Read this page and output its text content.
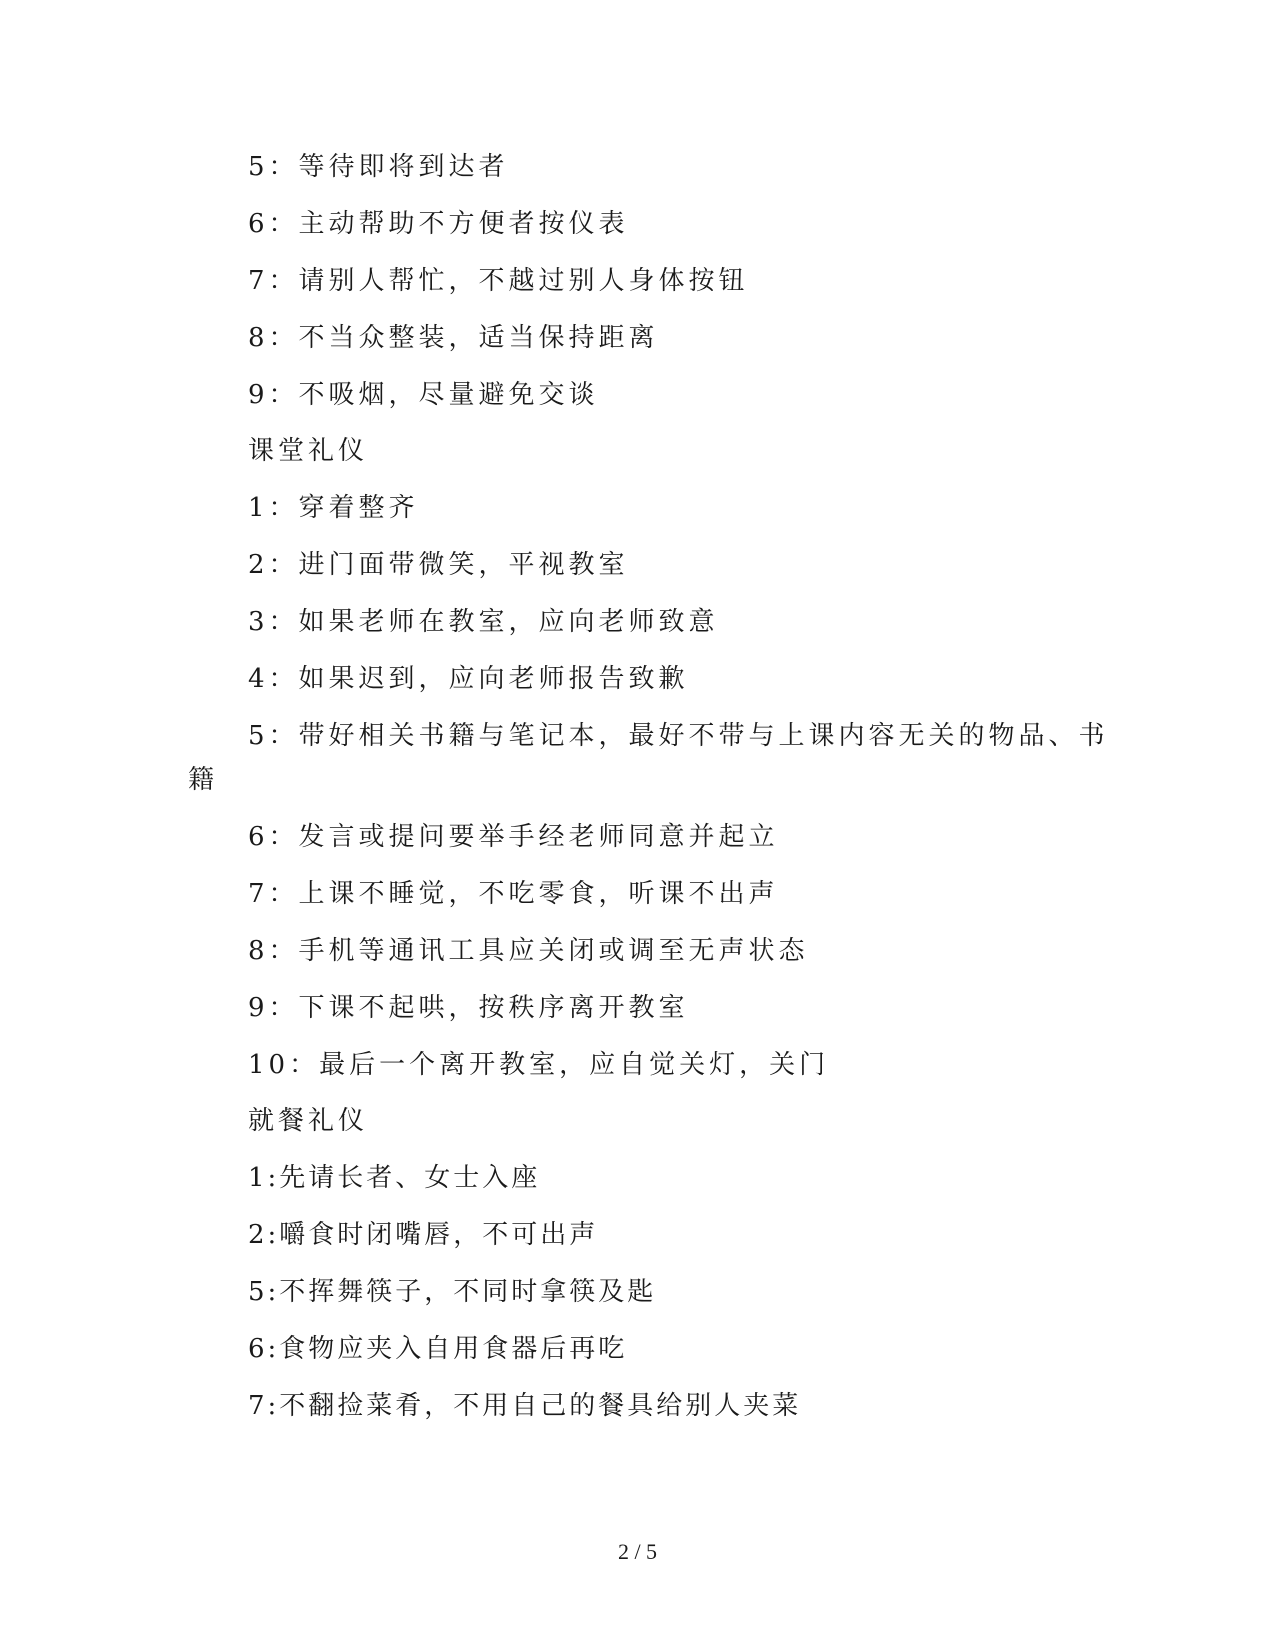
5：等待即将到达者
6：主动帮助不方便者按仪表
7：请别人帮忙，不越过别人身体按钮
8：不当众整装，适当保持距离
9：不吸烟，尽量避免交谈
课堂礼仪
1：穿着整齐
2：进门面带微笑，平视教室
3：如果老师在教室，应向老师致意
4：如果迟到，应向老师报告致歉
5：带好相关书籍与笔记本，最好不带与上课内容无关的物品、书
籍
6：发言或提问要举手经老师同意并起立
7：上课不睡觉，不吃零食，听课不出声
8：手机等通讯工具应关闭或调至无声状态
9：下课不起哄，按秩序离开教室
10：最后一个离开教室，应自觉关灯，关门
就餐礼仪
1:先请长者、女士入座
2:嚼食时闭嘴唇，不可出声
5:不挥舞筷子，不同时拿筷及匙
6:食物应夹入自用食器后再吃
7:不翻捡菜肴，不用自己的餐具给别人夹菜
2 / 5
